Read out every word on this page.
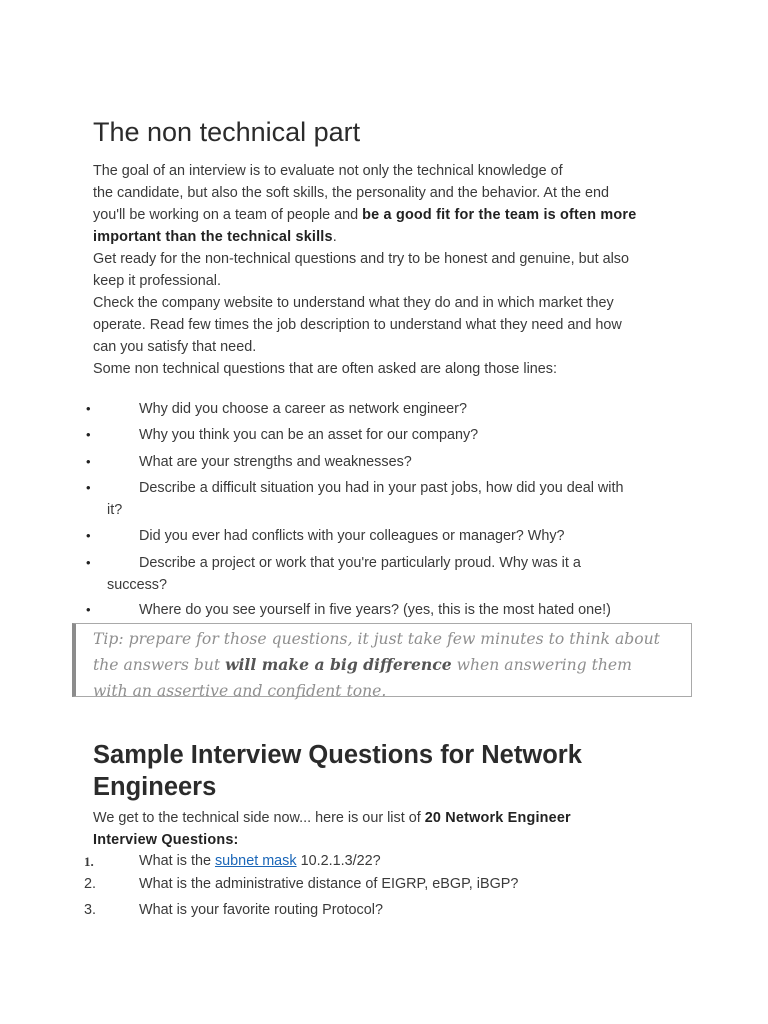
The non technical part
The goal of an interview is to evaluate not only the technical knowledge of
the candidate, but also the soft skills, the personality and the behavior. At the end
you'll be working on a team of people and be a good fit for the team is often more
important than the technical skills.
Get ready for the non-technical questions and try to be honest and genuine, but also
keep it professional.
Check the company website to understand what they do and in which market they
operate. Read few times the job description to understand what they need and how
can you satisfy that need.
Some non technical questions that are often asked are along those lines:
•	Why did you choose a career as network engineer?
•	Why you think you can be an asset for our company?
•	What are your strengths and weaknesses?
•	Describe a difficult situation you had in your past jobs, how did you deal with
it?
•	Did you ever had conflicts with your colleagues or manager? Why?
•	Describe a project or work that you're particularly proud. Why was it a
success?
•	Where do you see yourself in five years? (yes, this is the most hated one!)
Tip: prepare for those questions, it just take few minutes to think about
the answers but will make a big difference when answering them
with an assertive and confident tone.
Sample Interview Questions for Network
Engineers
We get to the technical side now... here is our list of 20 Network Engineer
Interview Questions:
1.	What is the subnet mask 10.2.1.3/22?
2.	What is the administrative distance of EIGRP, eBGP, iBGP?
3.	What is your favorite routing Protocol?
